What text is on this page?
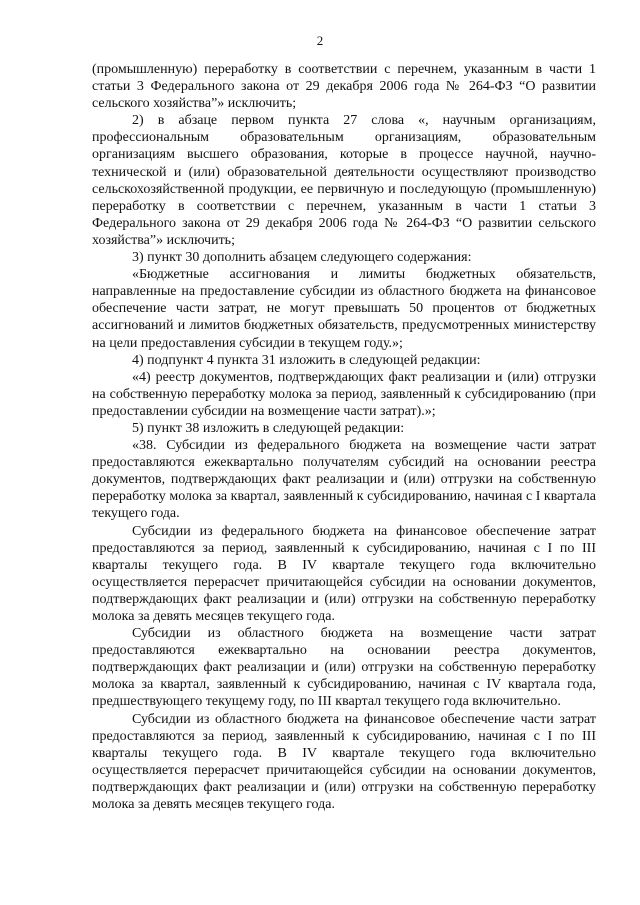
2

(промышленную) переработку в соответствии с перечнем, указанным в части 1 статьи 3 Федерального закона от 29 декабря 2006 года № 264-ФЗ “О развитии сельского хозяйства”» исключить;

2) в абзаце первом пункта 27 слова «, научным организациям, профессиональным образовательным организациям, образовательным организациям высшего образования, которые в процессе научной, научно-технической и (или) образовательной деятельности осуществляют производство сельскохозяйственной продукции, ее первичную и последующую (промышленную) переработку в соответствии с перечнем, указанным в части 1 статьи 3 Федерального закона от 29 декабря 2006 года № 264-ФЗ “О развитии сельского хозяйства”» исключить;

3) пункт 30 дополнить абзацем следующего содержания:

«Бюджетные ассигнования и лимиты бюджетных обязательств, направленные на предоставление субсидии из областного бюджета на финансовое обеспечение части затрат, не могут превышать 50 процентов от бюджетных ассигнований и лимитов бюджетных обязательств, предусмотренных министерству на цели предоставления субсидии в текущем году.»;

4) подпункт 4 пункта 31 изложить в следующей редакции:

«4) реестр документов, подтверждающих факт реализации и (или) отгрузки на собственную переработку молока за период, заявленный к субсидированию (при предоставлении субсидии на возмещение части затрат).»;

5) пункт 38 изложить в следующей редакции:

«38. Субсидии из федерального бюджета на возмещение части затрат предоставляются ежеквартально получателям субсидий на основании реестра документов, подтверждающих факт реализации и (или) отгрузки на собственную переработку молока за квартал, заявленный к субсидированию, начиная с I квартала текущего года.

Субсидии из федерального бюджета на финансовое обеспечение затрат предоставляются за период, заявленный к субсидированию, начиная с I по III кварталы текущего года. В IV квартале текущего года включительно осуществляется перерасчет причитающейся субсидии на основании документов, подтверждающих факт реализации и (или) отгрузки на собственную переработку молока за девять месяцев текущего года.

Субсидии из областного бюджета на возмещение части затрат предоставляются ежеквартально на основании реестра документов, подтверждающих факт реализации и (или) отгрузки на собственную переработку молока за квартал, заявленный к субсидированию, начиная с IV квартала года, предшествующего текущему году, по III квартал текущего года включительно.

Субсидии из областного бюджета на финансовое обеспечение части затрат предоставляются за период, заявленный к субсидированию, начиная с I по III кварталы текущего года. В IV квартале текущего года включительно осуществляется перерасчет причитающейся субсидии на основании документов, подтверждающих факт реализации и (или) отгрузки на собственную переработку молока за девять месяцев текущего года.
